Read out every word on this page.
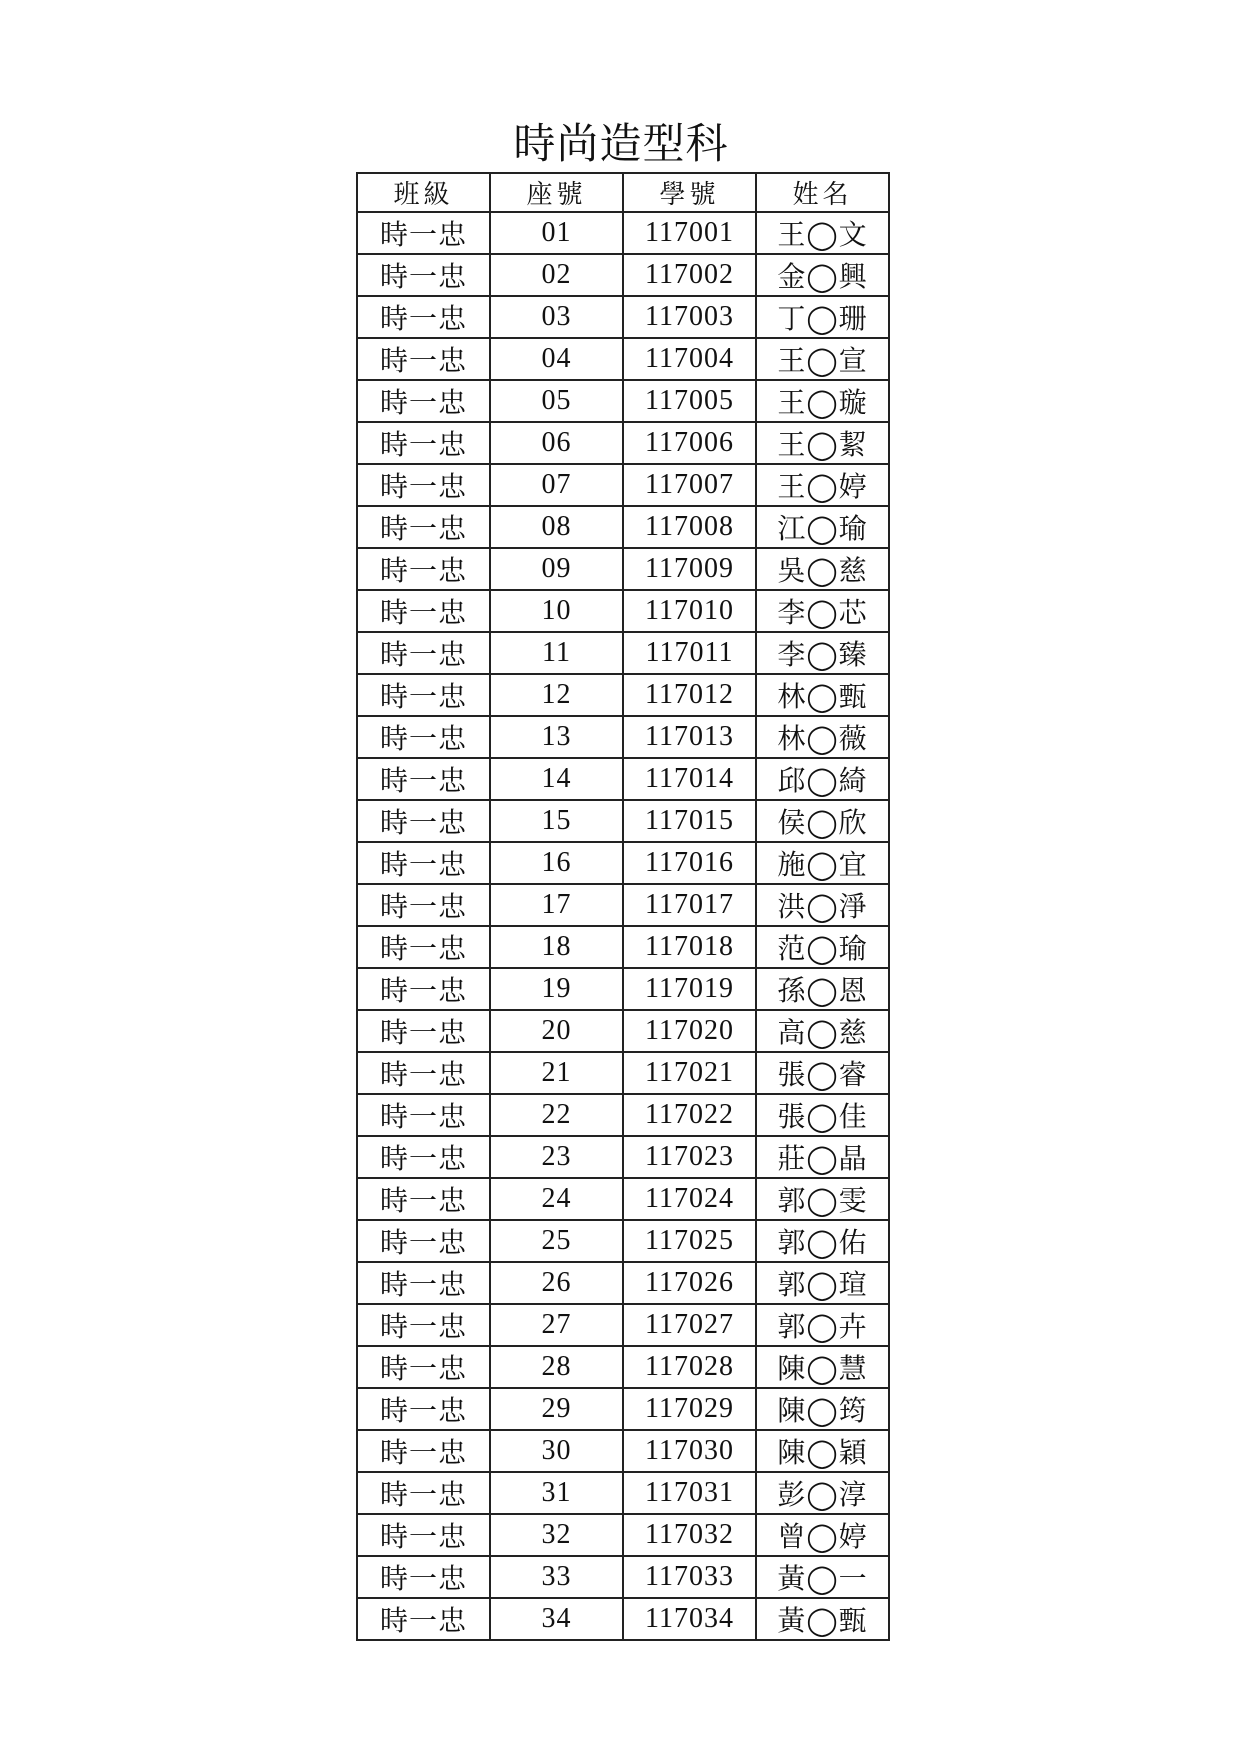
時尚造型科
班級	座號	學號	姓名
時一忠	01	117001	王◯文
時一忠	02	117002	金◯興
時一忠	03	117003	丁◯珊
時一忠	04	117004	王◯宣
時一忠	05	117005	王◯璇
時一忠	06	117006	王◯絜
時一忠	07	117007	王◯婷
時一忠	08	117008	江◯瑜
時一忠	09	117009	吳◯慈
時一忠	10	117010	李◯芯
時一忠	11	117011	李◯臻
時一忠	12	117012	林◯甄
時一忠	13	117013	林◯薇
時一忠	14	117014	邱◯綺
時一忠	15	117015	侯◯欣
時一忠	16	117016	施◯宜
時一忠	17	117017	洪◯淨
時一忠	18	117018	范◯瑜
時一忠	19	117019	孫◯恩
時一忠	20	117020	高◯慈
時一忠	21	117021	張◯睿
時一忠	22	117022	張◯佳
時一忠	23	117023	莊◯晶
時一忠	24	117024	郭◯雯
時一忠	25	117025	郭◯佑
時一忠	26	117026	郭◯瑄
時一忠	27	117027	郭◯卉
時一忠	28	117028	陳◯慧
時一忠	29	117029	陳◯筠
時一忠	30	117030	陳◯穎
時一忠	31	117031	彭◯淳
時一忠	32	117032	曾◯婷
時一忠	33	117033	黃◯一
時一忠	34	117034	黃◯甄
